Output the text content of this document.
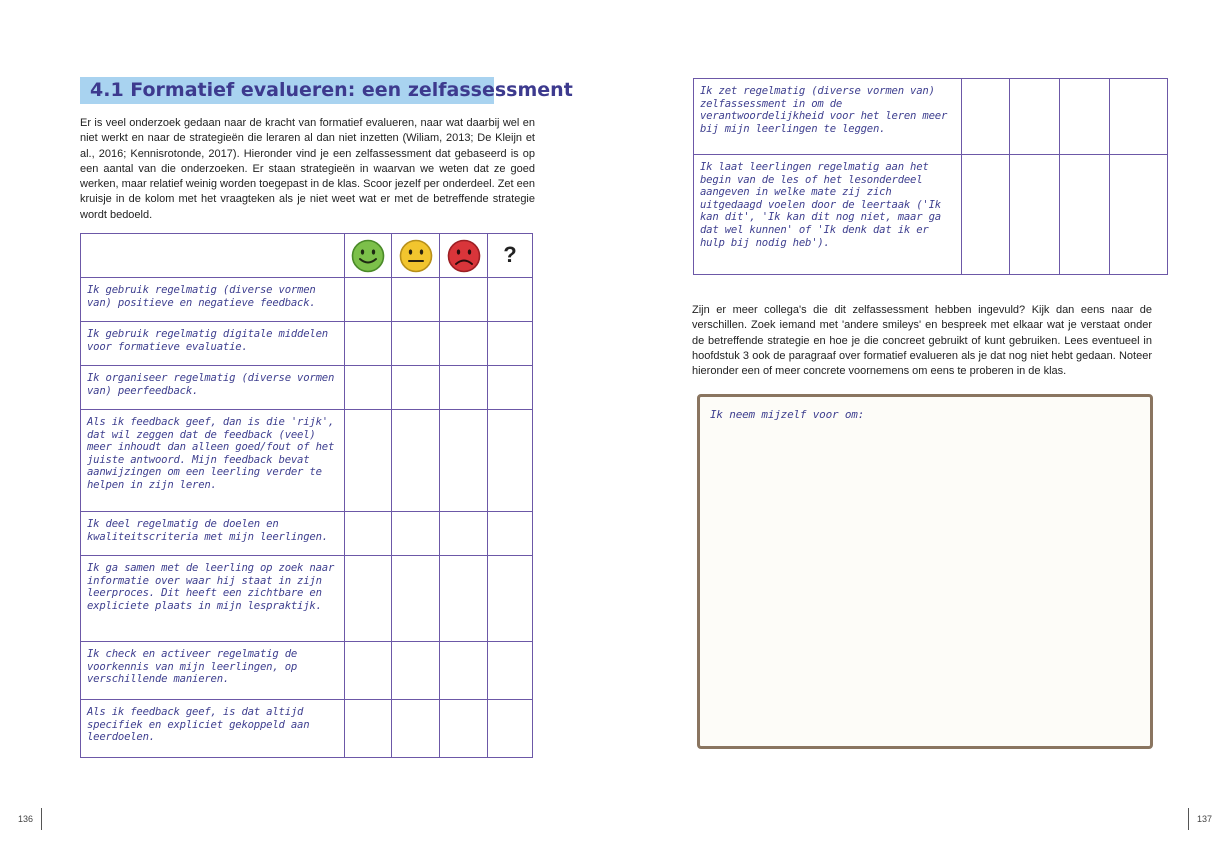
4.1 Formatief evalueren: een zelfassessment
Er is veel onderzoek gedaan naar de kracht van formatief evalueren, naar wat daarbij wel en niet werkt en naar de strategieën die leraren al dan niet inzetten (Wiliam, 2013; De Kleijn et al., 2016; Kennisrotonde, 2017). Hieronder vind je een zelfassessment dat gebaseerd is op een aantal van die onderzoeken. Er staan strategieën in waarvan we weten dat ze goed werken, maar relatief weinig worden toegepast in de klas. Scoor jezelf per onderdeel. Zet een kruisje in de kolom met het vraagteken als je niet weet wat er met de betreffende strategie wordt bedoeld.

?

Ik gebruik regelmatig (diverse vormen van) positieve en negatieve feedback.				

Ik gebruik regelmatig digitale middelen voor formatieve evaluatie.				

Ik organiseer regelmatig (diverse vormen van) peerfeedback.				

Als ik feedback geef, dan is die 'rijk', dat wil zeggen dat de feedback (veel) meer inhoudt dan alleen goed/fout of het juiste antwoord. Mijn feedback bevat aanwijzingen om een leerling verder te helpen in zijn leren.				

Ik deel regelmatig de doelen en kwaliteitscriteria met mijn leerlingen.				

Ik ga samen met de leerling op zoek naar informatie over waar hij staat in zijn leerproces. Dit heeft een zichtbare en expliciete plaats in mijn lespraktijk.				

Ik check en activeer regelmatig de voorkennis van mijn leerlingen, op verschillende manieren.				

Als ik feedback geef, is dat altijd specifiek en expliciet gekoppeld aan leerdoelen.				

136
Ik zet regelmatig (diverse vormen van) zelfassessment in om de verantwoordelijkheid voor het leren meer bij mijn leerlingen te leggen.				

Ik laat leerlingen regelmatig aan het begin van de les of het lesonderdeel aangeven in welke mate zij zich uitgedaagd voelen door de leertaak ('Ik kan dit', 'Ik kan dit nog niet, maar ga dat wel kunnen' of 'Ik denk dat ik er hulp bij nodig heb').				

Zijn er meer collega's die dit zelfassessment hebben ingevuld? Kijk dan eens naar de verschillen. Zoek iemand met 'andere smileys' en bespreek met elkaar wat je verstaat onder de betreffende strategie en hoe je die concreet gebruikt of kunt gebruiken. Lees eventueel in hoofdstuk 3 ook de paragraaf over formatief evalueren als je dat nog niet hebt gedaan. Noteer hieronder een of meer concrete voornemens om eens te proberen in de klas.
Ik neem mijzelf voor om:
137
